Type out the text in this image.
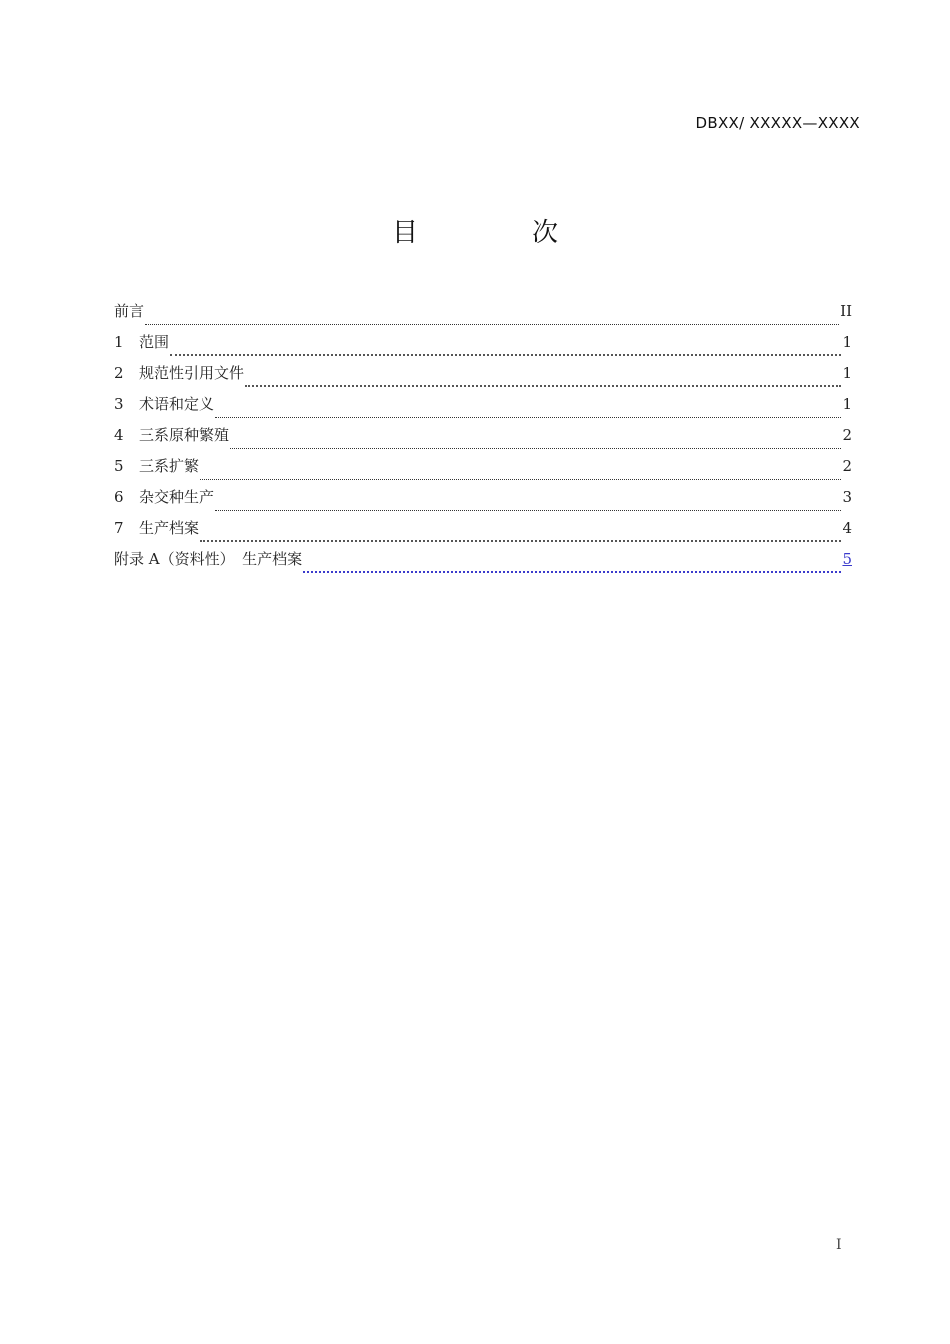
DBXX/ XXXXX—XXXX
目　次
前言	II
1	范围	1
2	规范性引用文件	1
3	术语和定义	1
4	三系原种繁殖	2
5	三系扩繁	2
6	杂交种生产	3
7	生产档案	4
附录 A（资料性）　生产档案	5
I
